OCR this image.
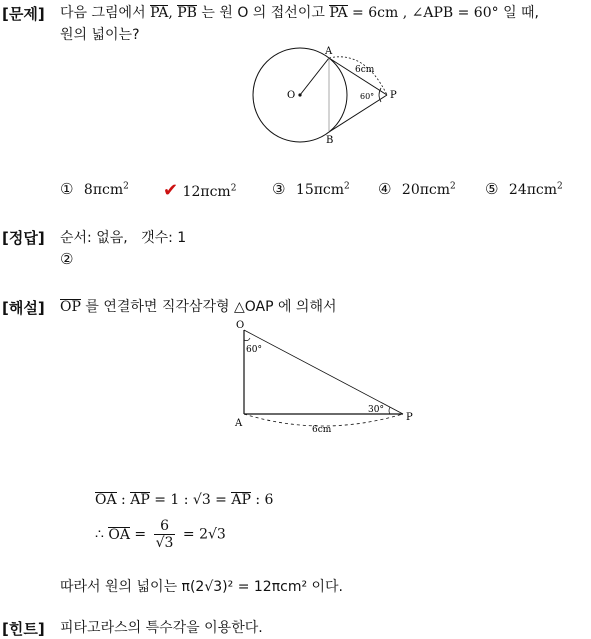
[문제] 다음 그림에서 PA, PB 는 원 O 의 접선이고 PA = 6cm , ∠APB = 60° 일 때,
원의 넓이는?
O
A
B
P
6cm
60°
① 8πcm$^2$ ✔ 12πcm$^2$ ③ 15πcm$^2$ ④ 20πcm$^2$ ⑤ 24πcm$^2$
[정답] 순서: 없음,   갯수: 1
②
[해설] OP 를 연결하면 직각삼각형 △OAP 에 의해서
O
A
P
60°
30°
6cm
OA : AP = 1 : √3 = AP : 6
∴ OA = $\frac{6}{√3} = 2√3$
따라서 원의 넓이는 π(2√3)² = 12πcm² 이다.
[힌트] 피타고라스의 특수각을 이용한다.
